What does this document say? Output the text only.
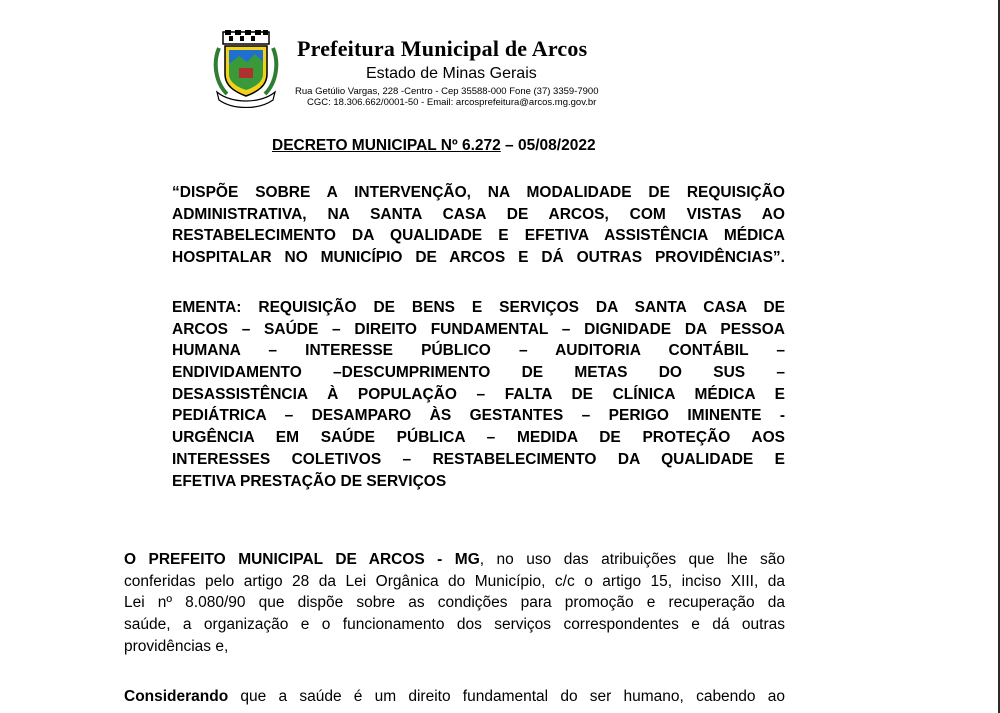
Prefeitura Municipal de Arcos
Estado de Minas Gerais
Rua Getúlio Vargas, 228 -Centro - Cep 35588-000 Fone (37) 3359-7900
CGC: 18.306.662/0001-50 - Email: arcosprefeitura@arcos.mg.gov.br
DECRETO MUNICIPAL Nº 6.272 – 05/08/2022
“DISPÕE SOBRE A INTERVENÇÃO, NA MODALIDADE DE REQUISIÇÃO
ADMINISTRATIVA, NA SANTA CASA DE ARCOS, COM VISTAS AO
RESTABELECIMENTO DA QUALIDADE E EFETIVA ASSISTÊNCIA MÉDICA
HOSPITALAR NO MUNICÍPIO DE ARCOS E DÁ OUTRAS PROVIDÊNCIAS”.
EMENTA: REQUISIÇÃO DE BENS E SERVIÇOS DA SANTA CASA DE
ARCOS – SAÚDE – DIREITO FUNDAMENTAL – DIGNIDADE DA PESSOA
HUMANA – INTERESSE PÚBLICO – AUDITORIA CONTÁBIL –
ENDIVIDAMENTO –DESCUMPRIMENTO DE METAS DO SUS –
DESASSISTÊNCIA À POPULAÇÃO – FALTA DE CLÍNICA MÉDICA E
PEDIÁTRICA – DESAMPARO ÀS GESTANTES – PERIGO IMINENTE -
URGÊNCIA EM SAÚDE PÚBLICA – MEDIDA DE PROTEÇÃO AOS
INTERESSES COLETIVOS – RESTABELECIMENTO DA QUALIDADE E
EFETIVA PRESTAÇÃO DE SERVIÇOS
O PREFEITO MUNICIPAL DE ARCOS - MG, no uso das atribuições que lhe são
conferidas pelo artigo 28 da Lei Orgânica do Município, c/c o artigo 15, inciso XIII, da
Lei nº 8.080/90 que dispõe sobre as condições para promoção e recuperação da
saúde, a organização e o funcionamento dos serviços correspondentes e dá outras
providências e,
Considerando que a saúde é um direito fundamental do ser humano, cabendo ao
